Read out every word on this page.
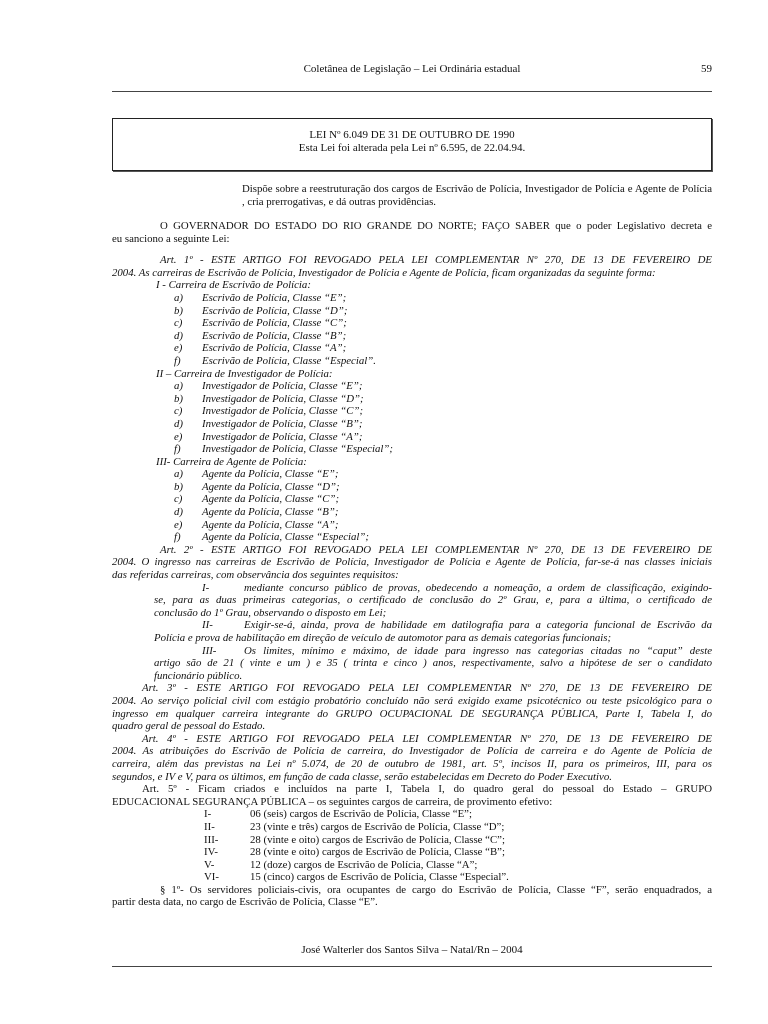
Coletânea de Legislação – Lei Ordinária estadual	59
LEI Nº 6.049 DE 31 DE OUTUBRO DE 1990
Esta Lei foi alterada pela Lei nº 6.595, de 22.04.94.
Dispõe sobre a reestruturação dos cargos de Escrivão de Polícia, Investigador de Polícia e Agente de Polícia , cria prerrogativas, e dá outras providências.
O GOVERNADOR DO ESTADO DO RIO GRANDE DO NORTE; FAÇO SABER que o poder Legislativo decreta e
eu sanciono a seguinte Lei:
Art. 1º - ESTE ARTIGO FOI REVOGADO PELA LEI COMPLEMENTAR Nº 270, DE 13 DE FEVEREIRO DE
2004. As carreiras de Escrivão de Polícia, Investigador de Polícia e Agente de Polícia, ficam organizadas da seguinte forma:
I - Carreira de Escrivão de Polícia:
a) Escrivão de Polícia, Classe “E”;
b) Escrivão de Polícia, Classe “D”;
c) Escrivão de Polícia, Classe “C”;
d) Escrivão de Polícia, Classe “B”;
e) Escrivão de Polícia, Classe “A”;
f) Escrivão de Polícia, Classe “Especial”.
II – Carreira de Investigador de Polícia:
a) Investigador de Polícia, Classe “E”;
b) Investigador de Polícia, Classe “D”;
c) Investigador de Polícia, Classe “C”;
d) Investigador de Polícia, Classe “B”;
e) Investigador de Polícia, Classe “A”;
f) Investigador de Polícia, Classe “Especial”;
III- Carreira de Agente de Polícia:
a) Agente da Polícia, Classe “E”;
b) Agente da Polícia, Classe “D”;
c) Agente da Polícia, Classe “C”;
d) Agente da Polícia, Classe “B”;
e) Agente da Polícia, Classe “A”;
f) Agente da Polícia, Classe “Especial”;
Art. 2º - ESTE ARTIGO FOI REVOGADO PELA LEI COMPLEMENTAR Nº 270, DE 13 DE FEVEREIRO DE
2004. O ingresso nas carreiras de Escrivão de Polícia, Investigador de Polícia e Agente de Polícia, far-se-á nas classes iniciais
das referidas carreiras, com observância dos seguintes requisitos:
I-	mediante concurso público de provas, obedecendo a nomeação, a ordem de classificação, exigindo-
se, para as duas primeiras categorias, o certificado de conclusão do 2º Grau, e, para a última, o certificado de
conclusão do 1º Grau, observando o disposto em Lei;
II-	Exigir-se-á, ainda, prova de habilidade em datilografia para a categoria funcional de Escrivão da
Polícia e prova de habilitação em direção de veículo de automotor para as demais categorias funcionais;
III-	Os limites, mínimo e máximo, de idade para ingresso nas categorias citadas no “caput” deste
artigo são de 21 ( vinte e um ) e 35 ( trinta e cinco ) anos, respectivamente, salvo a hipótese de ser o candidato
funcionário público.
Art. 3º - ESTE ARTIGO FOI REVOGADO PELA LEI COMPLEMENTAR Nº 270, DE 13 DE FEVEREIRO DE
2004. Ao serviço policial civil com estágio probatório concluído não será exigido exame psicotécnico ou teste psicológico para o
ingresso em qualquer carreira integrante do GRUPO OCUPACIONAL DE SEGURANÇA PÚBLICA, Parte I, Tabela I, do
quadro geral de pessoal do Estado.
Art. 4º - ESTE ARTIGO FOI REVOGADO PELA LEI COMPLEMENTAR Nº 270, DE 13 DE FEVEREIRO DE
2004. As atribuições do Escrivão de Polícia de carreira, do Investigador de Polícia de carreira e do Agente de Polícia de
carreira, além das previstas na Lei nº 5.074, de 20 de outubro de 1981, art. 5º, incisos II, para os primeiros, III, para os
segundos, e IV e V, para os últimos, em função de cada classe, serão estabelecidas em Decreto do Poder Executivo.
Art. 5º - Ficam criados e incluídos na parte I, Tabela I, do quadro geral do pessoal do Estado – GRUPO
EDUCACIONAL SEGURANÇA PÚBLICA – os seguintes cargos de carreira, de provimento efetivo:
I-	06 (seis) cargos de Escrivão de Polícia, Classe “E”;
II-	23 (vinte e três) cargos de Escrivão de Polícia, Classe “D”;
III-	28 (vinte e oito) cargos de Escrivão de Polícia, Classe “C”;
IV-	28 (vinte e oito) cargos de Escrivão de Polícia, Classe “B”;
V-	12 (doze) cargos de Escrivão de Polícia, Classe “A”;
VI-	15 (cinco) cargos de Escrivão de Polícia, Classe “Especial”.
§ 1º- Os servidores policiais-civis, ora ocupantes de cargo do Escrivão de Polícia, Classe “F”, serão enquadrados, a
partir desta data, no cargo de Escrivão de Polícia, Classe “E”.
José Walterler dos Santos Silva – Natal/Rn – 2004
